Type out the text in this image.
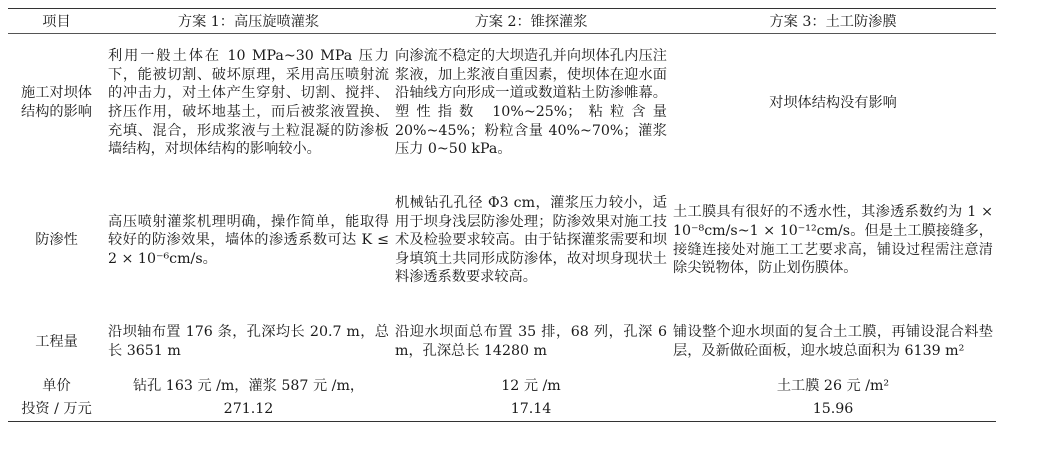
项目	方案 1：高压旋喷灌浆	方案 2：锥探灌浆	方案 3：土工防渗膜
施工对坝体
结构的影响	利用一般土体在 10 MPa~30 MPa 压力下，能被切割、破坏原理，采用高压喷射流的冲击力，对土体产生穿射、切割、搅拌、挤压作用，破坏地基土，而后被浆液置换、充填、混合，形成浆液与土粒混凝的防渗板墙结构，对坝体结构的影响较小。	向渗流不稳定的大坝造孔并向坝体孔内压注浆液，加上浆液自重因素，使坝体在迎水面沿轴线方向形成一道或数道粘土防渗帷幕。塑性指数 10%~25%；粘粒含量 20%~45%；粉粒含量 40%~70%；灌浆压力 0~50 kPa。	对坝体结构没有影响
防渗性	高压喷射灌浆机理明确，操作简单，能取得较好的防渗效果，墙体的渗透系数可达 K ≤ 2 × 10⁻⁶cm/s。	机械钻孔孔径 Φ3 cm，灌浆压力较小，适用于坝身浅层防渗处理；防渗效果对施工技术及检验要求较高。由于钻探灌浆需要和坝身填筑土共同形成防渗体，故对坝身现状土料渗透系数要求较高。	土工膜具有很好的不透水性，其渗透系数约为 1 × 10⁻⁸cm/s~1 × 10⁻¹²cm/s。但是土工膜接缝多，接缝连接处对施工工艺要求高，铺设过程需注意清除尖锐物体，防止划伤膜体。
工程量	沿坝轴布置 176 条，孔深均长 20.7 m，总长 3651 m	沿迎水坝面总布置 35 排，68 列，孔深 6 m，孔深总长 14280 m	铺设整个迎水坝面的复合土工膜，再铺设混合料垫层，及新做砼面板，迎水坡总面积为 6139 m²
单价	钻孔 163 元 /m，灌浆 587 元 /m，	12 元 /m	土工膜 26 元 /m²
投资 / 万元	271.12	17.14	15.96
